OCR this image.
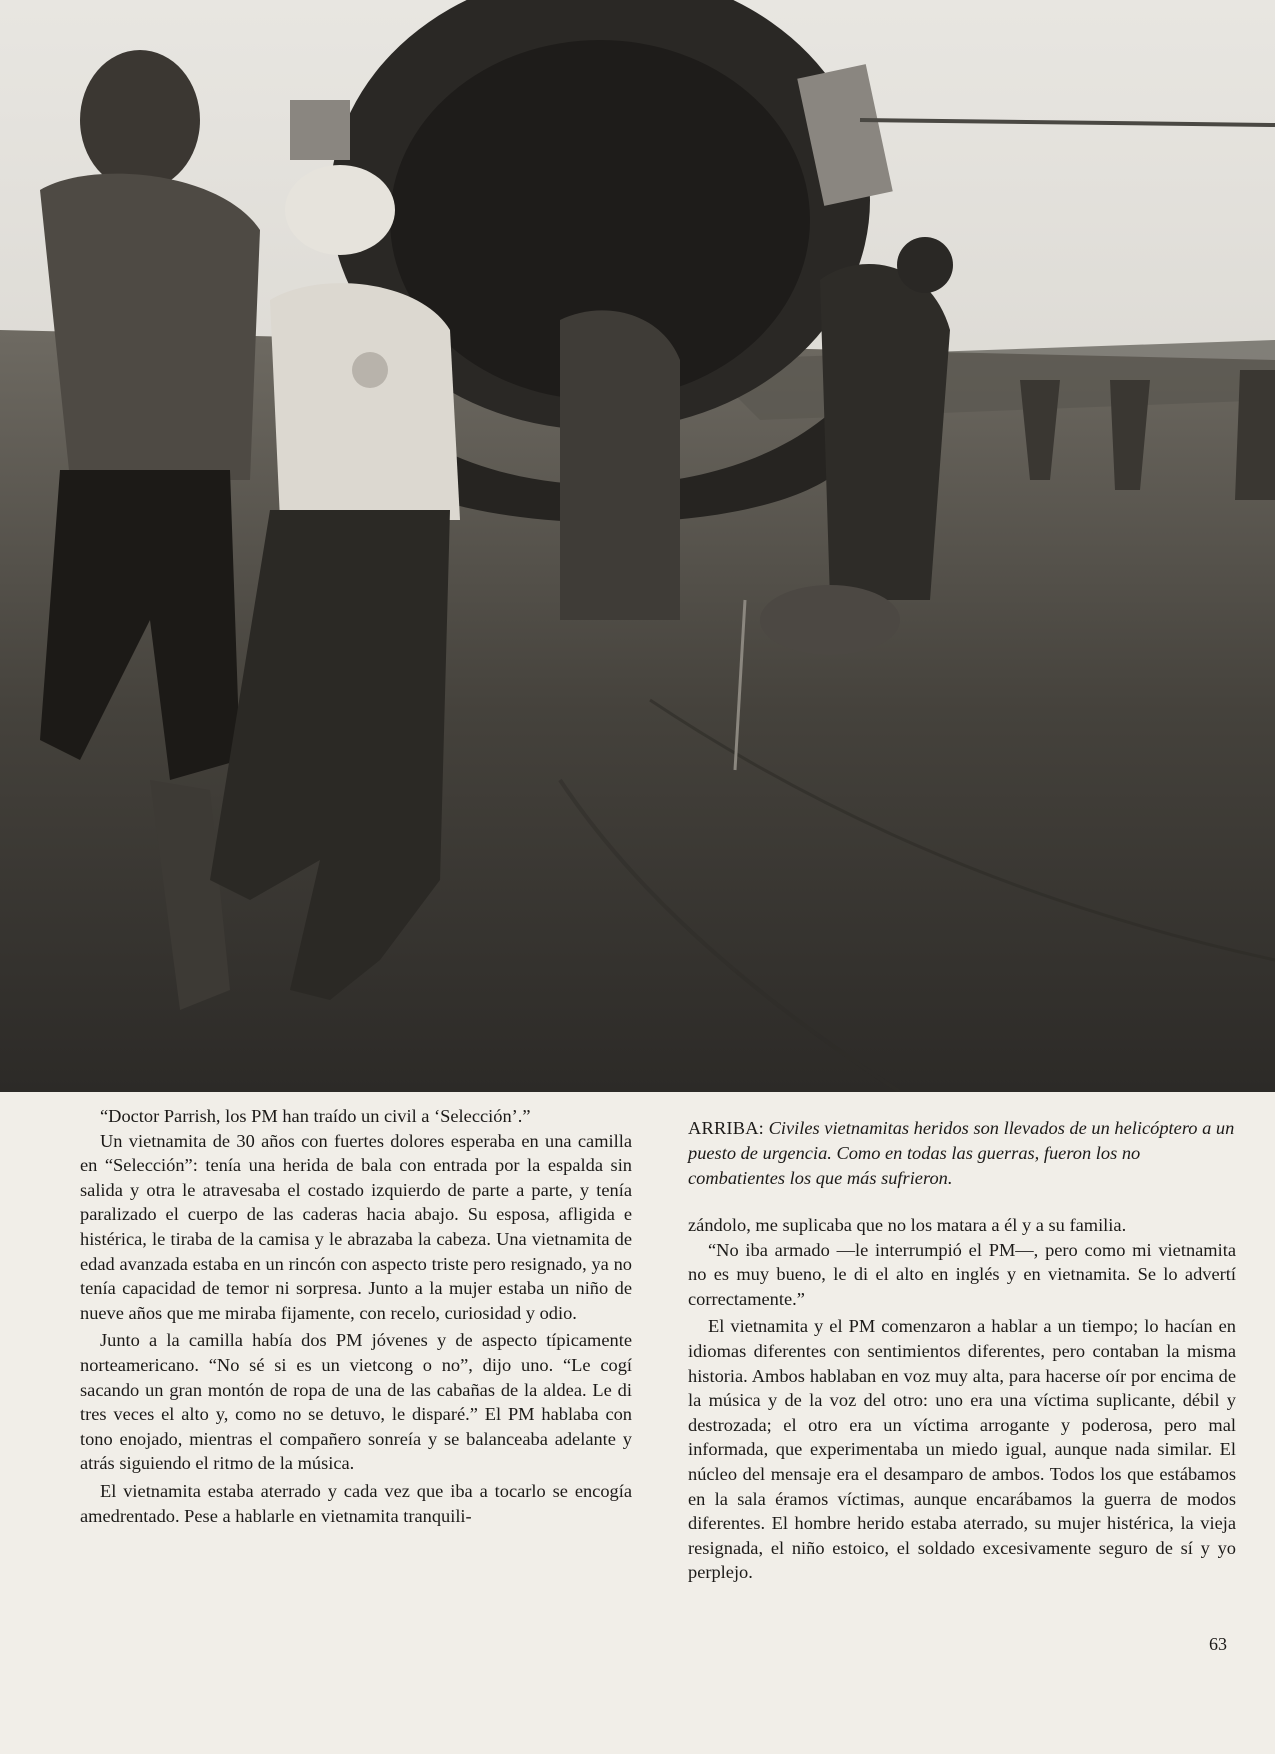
“Doctor Parrish, los PM han traído un civil a ‘Selección’.”

Un vietnamita de 30 años con fuertes dolores esperaba en una camilla en “Selección”: tenía una herida de bala con entrada por la espalda sin salida y otra le atravesaba el costado izquierdo de parte a parte, y tenía paralizado el cuerpo de las caderas hacia abajo. Su esposa, afligida e histérica, le tiraba de la camisa y le abrazaba la cabeza. Una vietnamita de edad avanzada estaba en un rincón con aspecto triste pero resignado, ya no tenía capacidad de temor ni sorpresa. Junto a la mujer estaba un niño de nueve años que me miraba fijamente, con recelo, curiosidad y odio.

Junto a la camilla había dos PM jóvenes y de aspecto típicamente norteamericano. “No sé si es un vietcong o no”, dijo uno. “Le cogí sacando un gran montón de ropa de una de las cabañas de la aldea. Le di tres veces el alto y, como no se detuvo, le disparé.” El PM hablaba con tono enojado, mientras el compañero sonreía y se balanceaba adelante y atrás siguiendo el ritmo de la música.

El vietnamita estaba aterrado y cada vez que iba a tocarlo se encogía amedrentado. Pese a hablarle en vietnamita tranquili-

ARRIBA: Civiles vietnamitas heridos son llevados de un helicóptero a un puesto de urgencia. Como en todas las guerras, fueron los no combatientes los que más sufrieron.

zándolo, me suplicaba que no los matara a él y a su familia.

“No iba armado —le interrumpió el PM—, pero como mi vietnamita no es muy bueno, le di el alto en inglés y en vietnamita. Se lo advertí correctamente.”

El vietnamita y el PM comenzaron a hablar a un tiempo; lo hacían en idiomas diferentes con sentimientos diferentes, pero contaban la misma historia. Ambos hablaban en voz muy alta, para hacerse oír por encima de la música y de la voz del otro: uno era una víctima suplicante, débil y destrozada; el otro era un víctima arrogante y poderosa, pero mal informada, que experimentaba un miedo igual, aunque nada similar. El núcleo del mensaje era el desamparo de ambos. Todos los que estábamos en la sala éramos víctimas, aunque encarábamos la guerra de modos diferentes. El hombre herido estaba aterrado, su mujer histérica, la vieja resignada, el niño estoico, el soldado excesivamente seguro de sí y yo perplejo.

63
